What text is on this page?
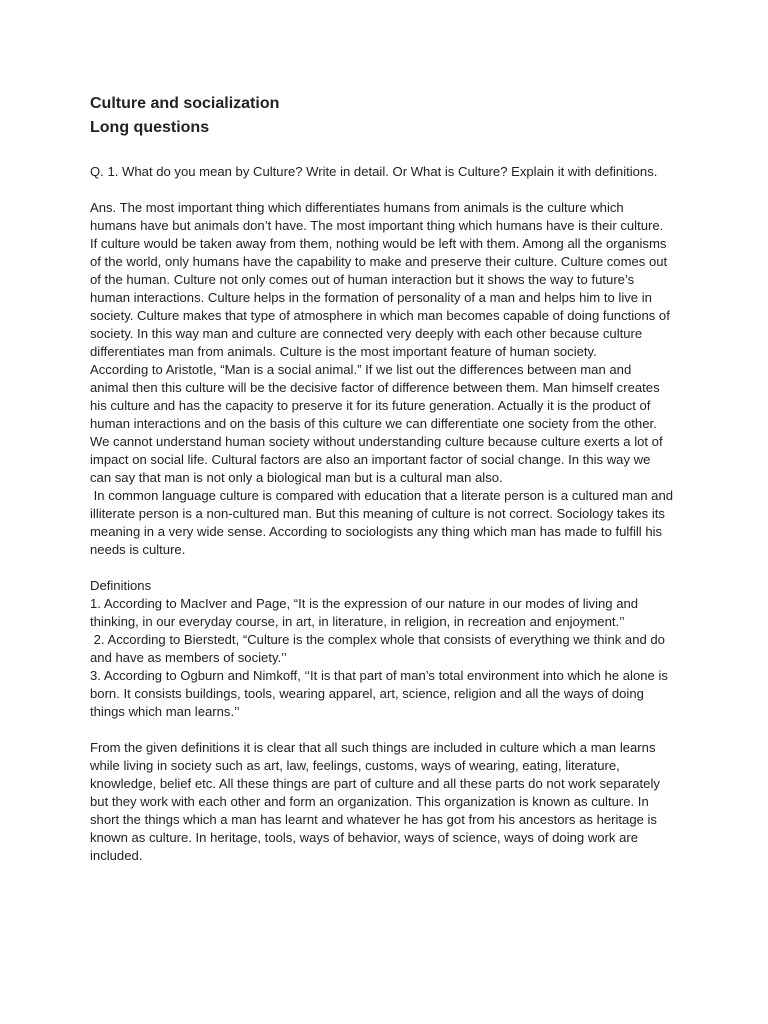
Culture and socialization
Long questions
Q. 1. What do you mean by Culture? Write in detail. Or What is Culture? Explain it with definitions.
Ans. The most important thing which differentiates humans from animals is the culture which
humans have but animals don’t have. The most important thing which humans have is their culture.
If culture would be taken away from them, nothing would be left with them. Among all the organisms
of the world, only humans have the capability to make and preserve their culture. Culture comes out
of the human. Culture not only comes out of human interaction but it shows the way to future’s
human interactions. Culture helps in the formation of personality of a man and helps him to live in
society. Culture makes that type of atmosphere in which man becomes capable of doing functions of
society. In this way man and culture are connected very deeply with each other because culture
differentiates man from animals. Culture is the most important feature of human society.
According to Aristotle, “Man is a social animal.” If we list out the differences between man and
animal then this culture will be the decisive factor of difference between them. Man himself creates
his culture and has the capacity to preserve it for its future generation. Actually it is the product of
human interactions and on the basis of this culture we can differentiate one society from the other.
We cannot understand human society without understanding culture because culture exerts a lot of
impact on social life. Cultural factors are also an important factor of social change. In this way we
can say that man is not only a biological man but is a cultural man also.
In common language culture is compared with education that a literate person is a cultured man and
illiterate person is a non-cultured man. But this meaning of culture is not correct. Sociology takes its
meaning in a very wide sense. According to sociologists any thing which man has made to fulfill his
needs is culture.
Definitions
1. According to MacIver and Page, “It is the expression of our nature in our modes of living and
thinking, in our everyday course, in art, in literature, in religion, in recreation and enjoyment.’’
2. According to Bierstedt, “Culture is the complex whole that consists of everything we think and do
and have as members of society.’’
3. According to Ogburn and Nimkoff, ‘‘It is that part of man’s total environment into which he alone is
born. It consists buildings, tools, wearing apparel, art, science, religion and all the ways of doing
things which man learns.’’
From the given definitions it is clear that all such things are included in culture which a man learns
while living in society such as art, law, feelings, customs, ways of wearing, eating, literature,
knowledge, belief etc. All these things are part of culture and all these parts do not work separately
but they work with each other and form an organization. This organization is known as culture. In
short the things which a man has learnt and whatever he has got from his ancestors as heritage is
known as culture. In heritage, tools, ways of behavior, ways of science, ways of doing work are
included.
